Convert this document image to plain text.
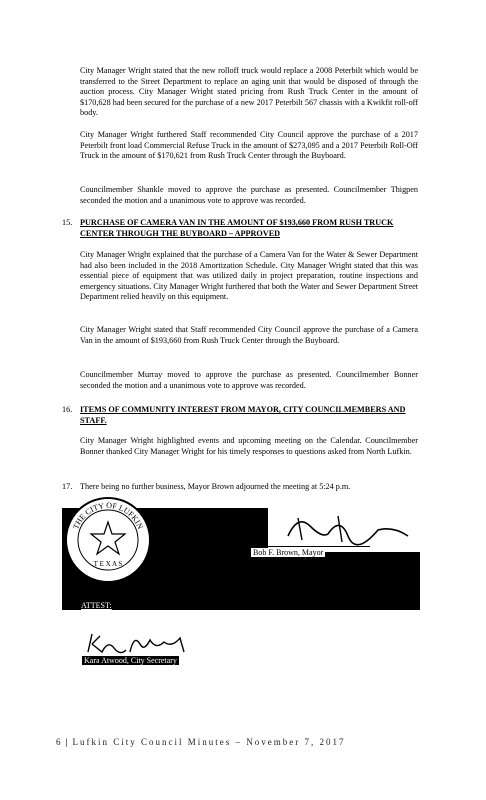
City Manager Wright stated that the new rolloff truck would replace a 2008 Peterbilt which would be transferred to the Street Department to replace an aging unit that would be disposed of through the auction process. City Manager Wright stated pricing from Rush Truck Center in the amount of $170,628 had been secured for the purchase of a new 2017 Peterbilt 567 chassis with a Kwikfit roll-off body.
City Manager Wright furthered Staff recommended City Council approve the purchase of a 2017 Peterbilt front load Commercial Refuse Truck in the amount of $273,095 and a 2017 Peterbilt Roll-Off Truck in the amount of $170,621 from Rush Truck Center through the Buyboard.
Councilmember Shankle moved to approve the purchase as presented. Councilmember Thigpen seconded the motion and a unanimous vote to approve was recorded.
15. PURCHASE OF CAMERA VAN IN THE AMOUNT OF $193,660 FROM RUSH TRUCK CENTER THROUGH THE BUYBOARD – APPROVED
City Manager Wright explained that the purchase of a Camera Van for the Water & Sewer Department had also been included in the 2018 Amortization Schedule. City Manager Wright stated that this was essential piece of equipment that was utilized daily in project preparation, routine inspections and emergency situations. City Manager Wright furthered that both the Water and Sewer Department Street Department relied heavily on this equipment.
City Manager Wright stated that Staff recommended City Council approve the purchase of a Camera Van in the amount of $193,660 from Rush Truck Center through the Buyboard.
Councilmember Murray moved to approve the purchase as presented. Councilmember Bonner seconded the motion and a unanimous vote to approve was recorded.
16. ITEMS OF COMMUNITY INTEREST FROM MAYOR, CITY COUNCILMEMBERS AND STAFF.
City Manager Wright highlighted events and upcoming meeting on the Calendar. Councilmember Bonner thanked City Manager Wright for his timely responses to questions asked from North Lufkin.
17. There being no further business, Mayor Brown adjourned the meeting at 5:24 p.m.
THE CITY OF LUFKIN
T E X A S
Bob F. Brown, Mayor
ATTEST:
Kara Atwood, City Secretary
6 | Lufkin City Council Minutes – November 7, 2017
